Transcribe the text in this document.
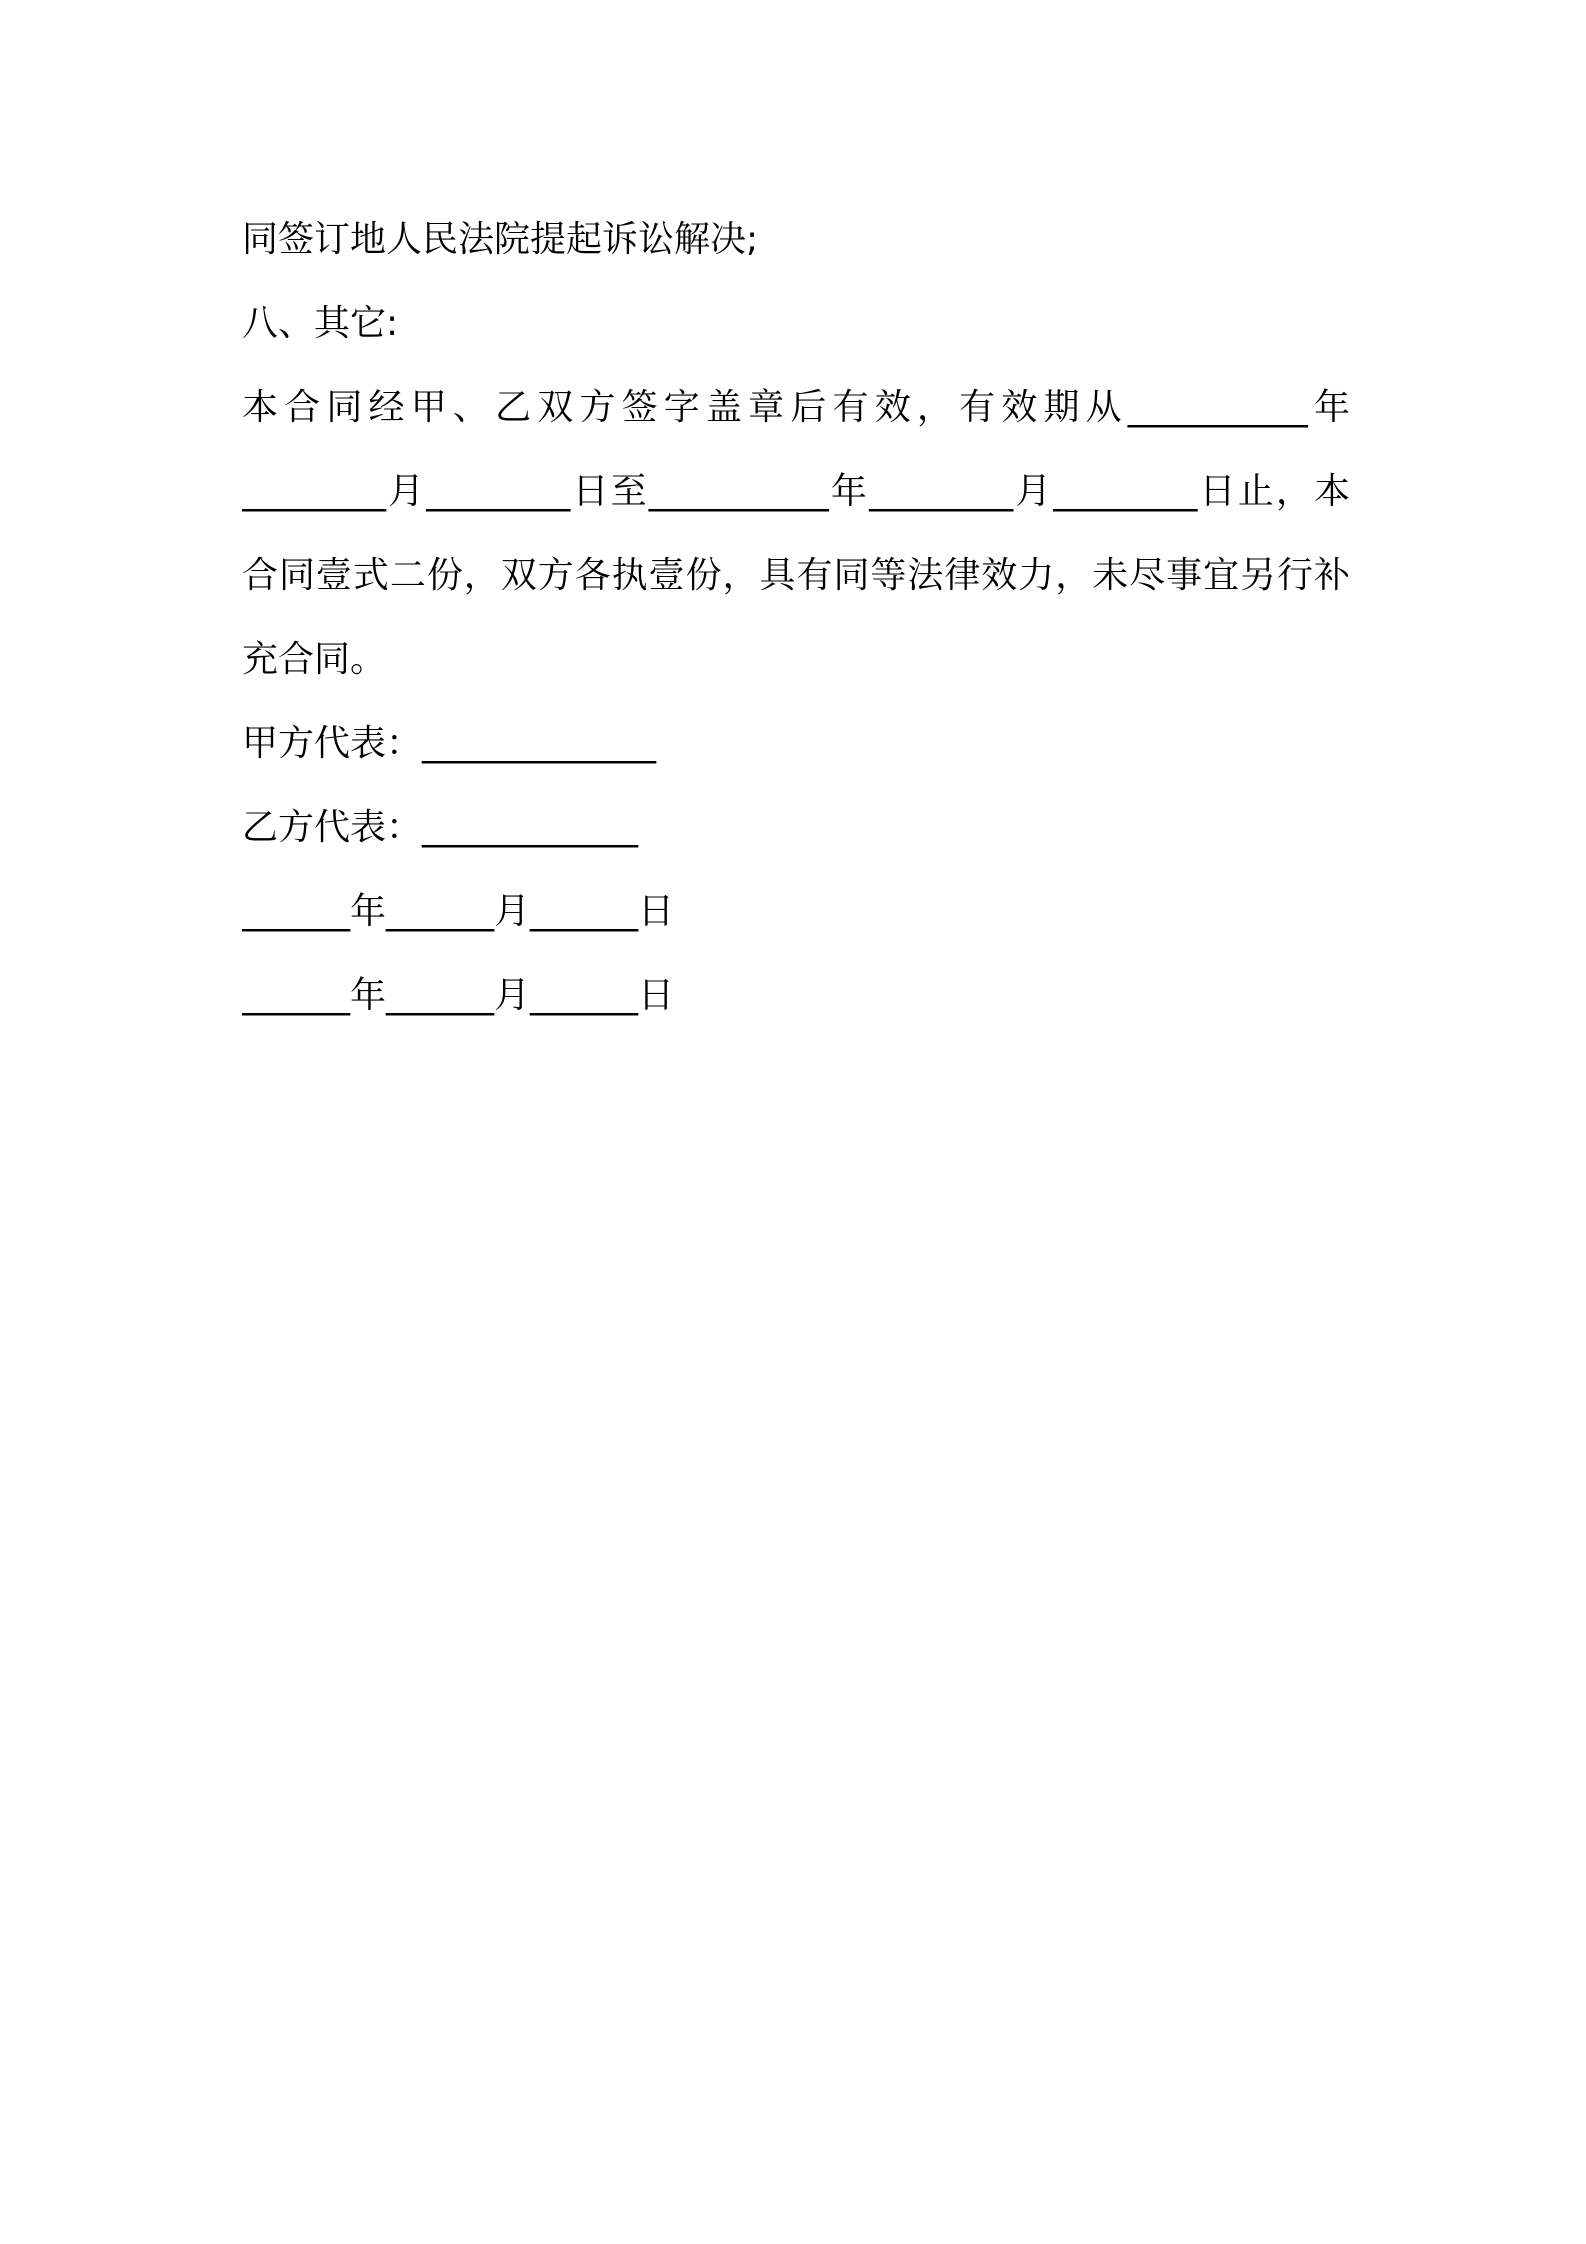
同签订地人民法院提起诉讼解决;
八、其它:
本合同经甲、乙双方签字盖章后有效，有效期从__________年
________月________日至__________年________月________日止，本
合同壹式二份，双方各执壹份，具有同等法律效力，未尽事宜另行补
充合同。
甲方代表：_____________
乙方代表：____________
______年______月______日
______年______月______日
